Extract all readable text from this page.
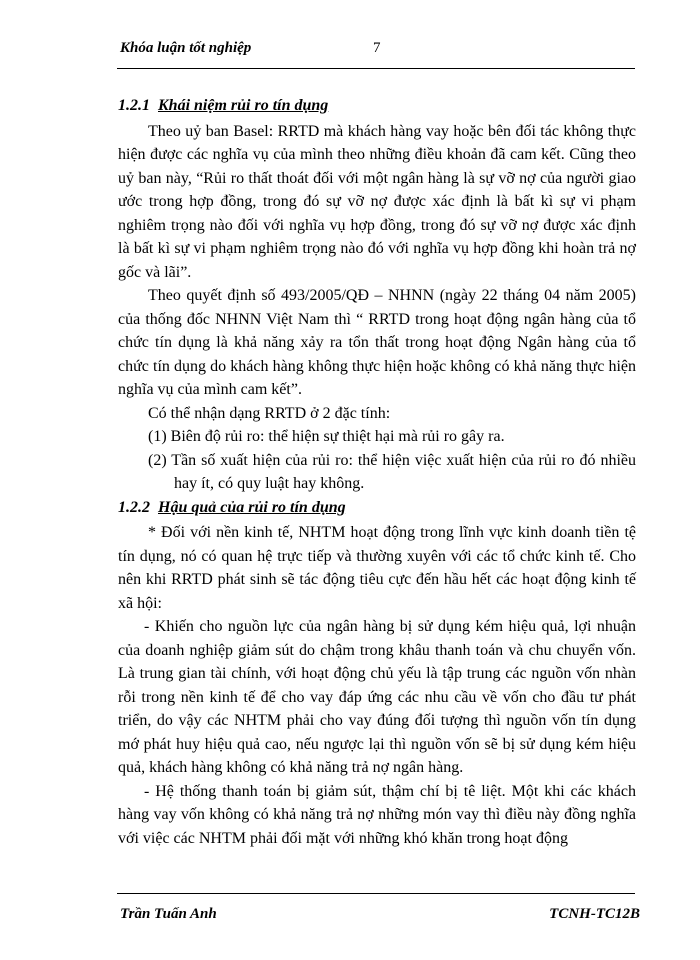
Khóa luận tốt nghiệp	7

1.2.1 Khái niệm rủi ro tín dụng

Theo uỷ ban Basel: RRTD mà khách hàng vay hoặc bên đối tác không thực hiện được các nghĩa vụ của mình theo những điều khoản đã cam kết. Cũng theo uỷ ban này, “Rủi ro thất thoát đối với một ngân hàng là sự vỡ nợ của người giao ước trong hợp đồng, trong đó sự vỡ nợ được xác định là bất kì sự vi phạm nghiêm trọng nào đối với nghĩa vụ hợp đồng, trong đó sự vỡ nợ được xác định là bất kì sự vi phạm nghiêm trọng nào đó với nghĩa vụ hợp đồng khi hoàn trả nợ gốc và lãi”.

Theo quyết định số 493/2005/QĐ – NHNN (ngày 22 tháng 04 năm 2005) của thống đốc NHNN Việt Nam thì “ RRTD trong hoạt động ngân hàng của tổ chức tín dụng là khả năng xảy ra tổn thất trong hoạt động Ngân hàng của tổ chức tín dụng do khách hàng không thực hiện hoặc không có khả năng thực hiện nghĩa vụ của mình cam kết”.

Có thể nhận dạng RRTD ở 2 đặc tính:

(1) Biên độ rủi ro: thể hiện sự thiệt hại mà rủi ro gây ra.

(2) Tần số xuất hiện của rủi ro: thể hiện việc xuất hiện của rủi ro đó nhiều hay ít, có quy luật hay không.

1.2.2 Hậu quả của rủi ro tín dụng

* Đối với nền kinh tế, NHTM hoạt động trong lĩnh vực kinh doanh tiền tệ tín dụng, nó có quan hệ trực tiếp và thường xuyên với các tổ chức kinh tế. Cho nên khi RRTD phát sinh sẽ tác động tiêu cực đến hầu hết các hoạt động kinh tế xã hội:

- Khiến cho nguồn lực của ngân hàng bị sử dụng kém hiệu quả, lợi nhuận của doanh nghiệp giảm sút do chậm trong khâu thanh toán và chu chuyển vốn. Là trung gian tài chính, với hoạt động chủ yếu là tập trung các nguồn vốn nhàn rỗi trong nền kinh tế để cho vay đáp ứng các nhu cầu về vốn cho đầu tư phát triển, do vậy các NHTM phải cho vay đúng đối tượng thì nguồn vốn tín dụng mớ phát huy hiệu quả cao, nếu ngược lại thì nguồn vốn sẽ bị sử dụng kém hiệu quả, khách hàng không có khả năng trả nợ ngân hàng.

- Hệ thống thanh toán bị giảm sút, thậm chí bị tê liệt. Một khi các khách hàng vay vốn không có khả năng trả nợ những món vay thì điều này đồng nghĩa với việc các NHTM phải đối mặt với những khó khăn trong hoạt động

Trần Tuấn Anh	TCNH-TC12B
